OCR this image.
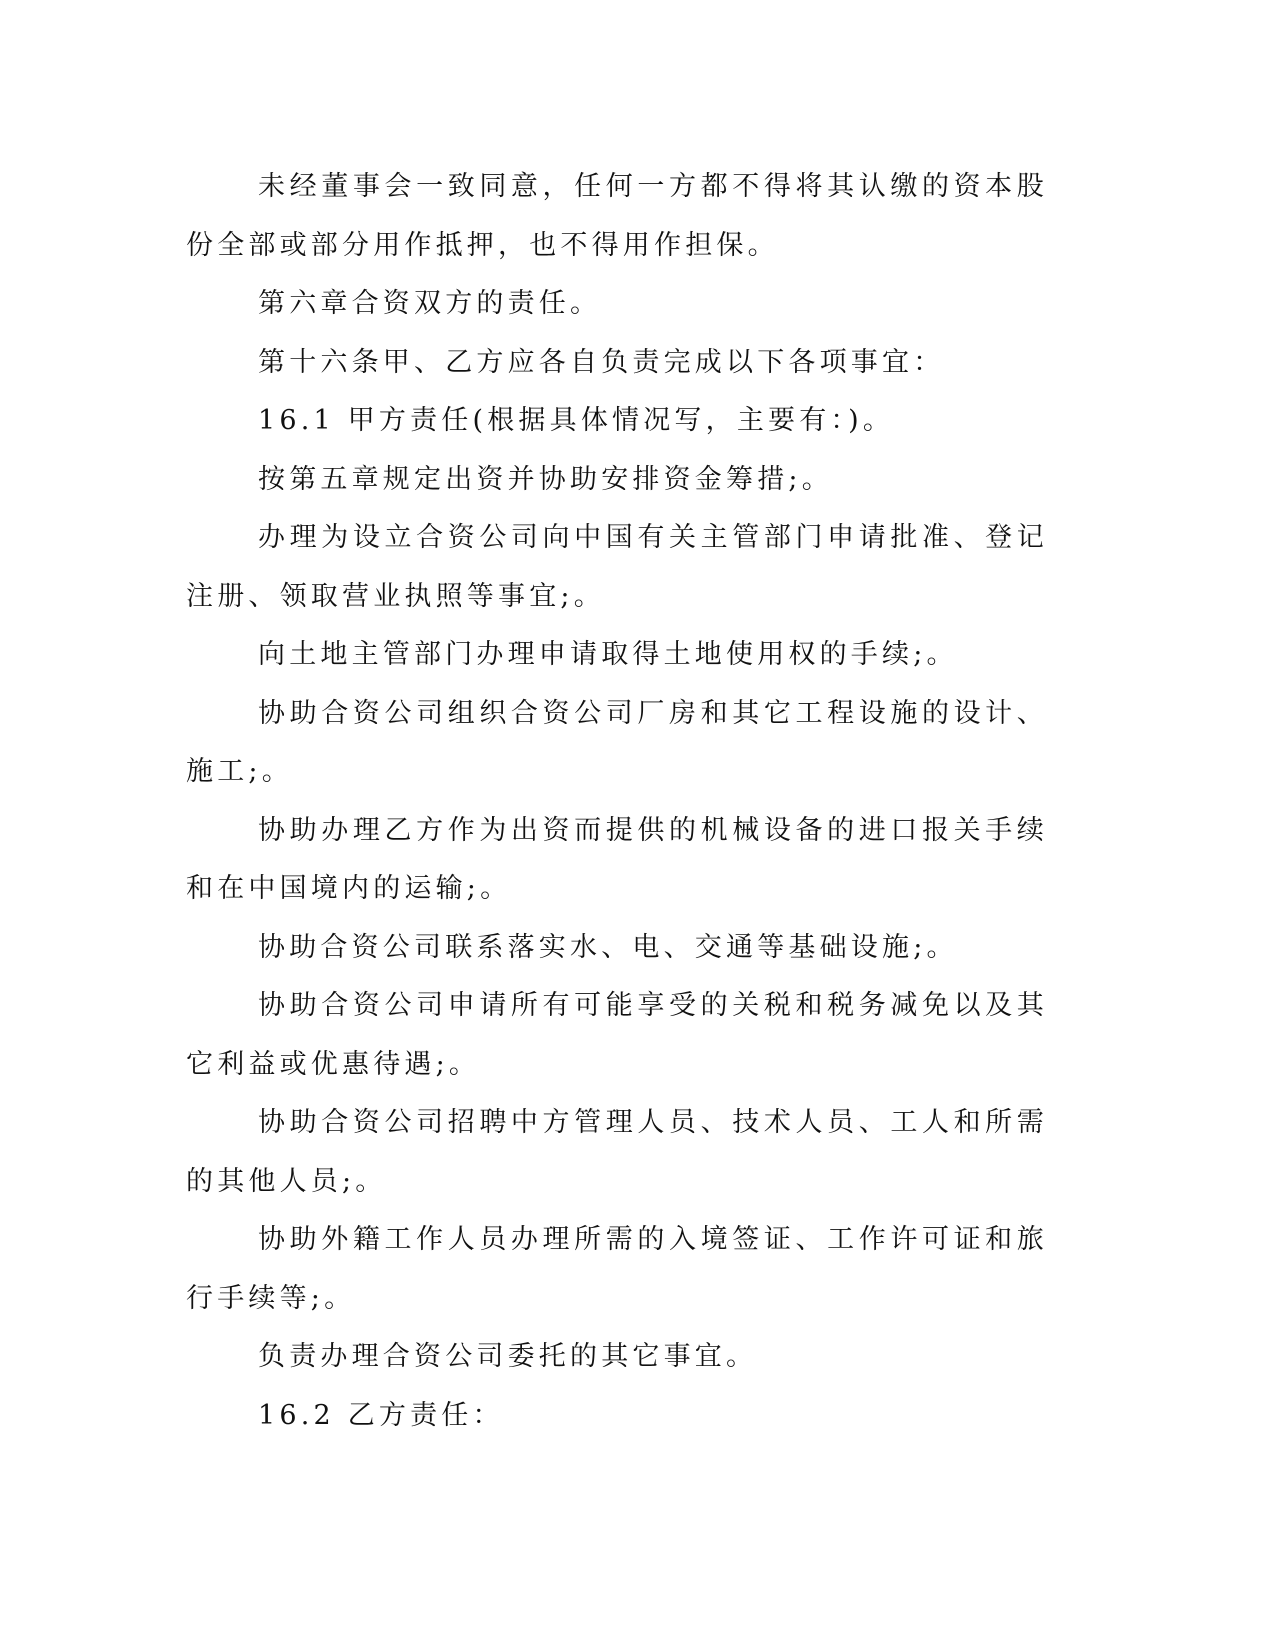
未经董事会一致同意，任何一方都不得将其认缴的资本股份全部或部分用作抵押，也不得用作担保。

第六章合资双方的责任。

第十六条甲、乙方应各自负责完成以下各项事宜：

16.1 甲方责任(根据具体情况写，主要有：)。

按第五章规定出资并协助安排资金筹措;。

办理为设立合资公司向中国有关主管部门申请批准、登记注册、领取营业执照等事宜;。

向土地主管部门办理申请取得土地使用权的手续;。

协助合资公司组织合资公司厂房和其它工程设施的设计、施工;。

协助办理乙方作为出资而提供的机械设备的进口报关手续和在中国境内的运输;。

协助合资公司联系落实水、电、交通等基础设施;。

协助合资公司申请所有可能享受的关税和税务减免以及其它利益或优惠待遇;。

协助合资公司招聘中方管理人员、技术人员、工人和所需的其他人员;。

协助外籍工作人员办理所需的入境签证、工作许可证和旅行手续等;。

负责办理合资公司委托的其它事宜。

16.2 乙方责任：
